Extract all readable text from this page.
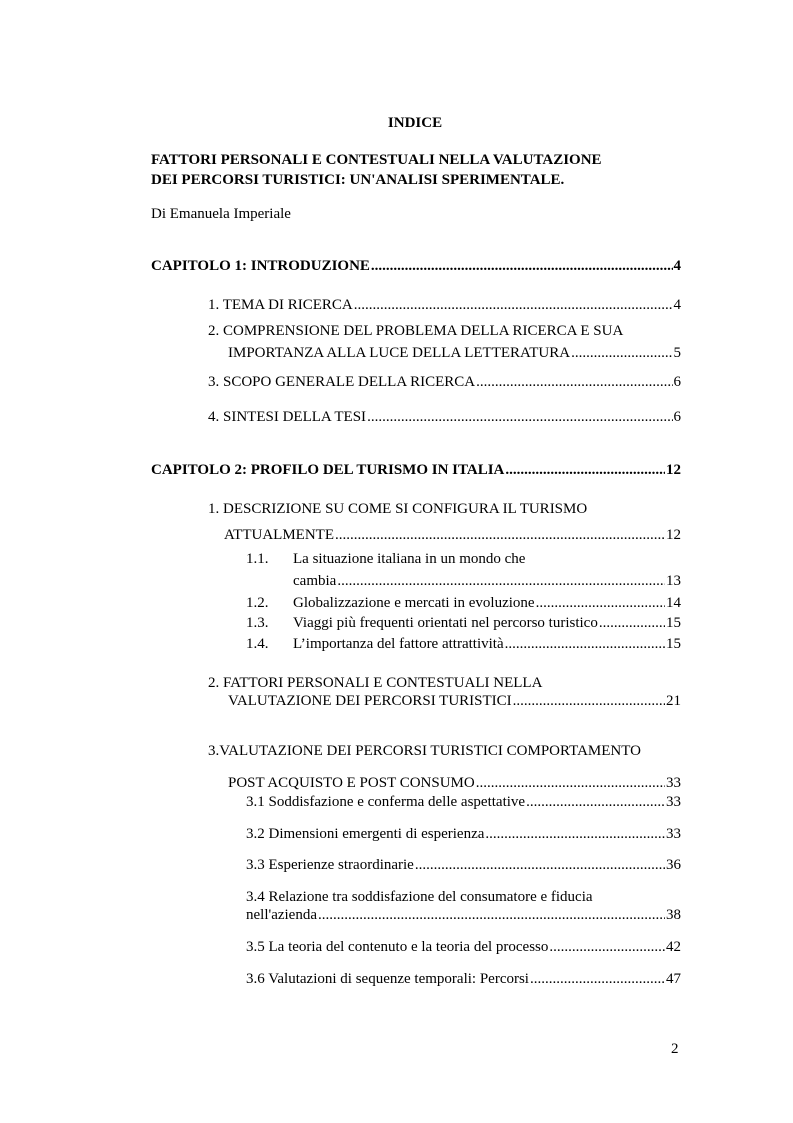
INDICE
FATTORI PERSONALI E CONTESTUALI NELLA VALUTAZIONE
DEI PERCORSI TURISTICI: UN'ANALISI SPERIMENTALE.
Di Emanuela Imperiale
CAPITOLO 1: INTRODUZIONE .....	4
1. TEMA DI RICERCA .....	4
2. COMPRENSIONE DEL PROBLEMA DELLA RICERCA E SUA
IMPORTANZA ALLA LUCE DELLA LETTERATURA .....	5
3. SCOPO GENERALE DELLA RICERCA .....	6
4. SINTESI DELLA TESI .....	6
CAPITOLO 2: PROFILO DEL TURISMO IN ITALIA .....	12
1. DESCRIZIONE SU COME SI CONFIGURA IL TURISMO
ATTUALMENTE .....	12
1.1. La situazione italiana in un mondo che
cambia .....	13
1.2. Globalizzazione e mercati in evoluzione .....	14
1.3. Viaggi più frequenti orientati nel percorso turistico .....	15
1.4. L’importanza del fattore attrattività .....	15
2. FATTORI PERSONALI E CONTESTUALI NELLA
VALUTAZIONE DEI PERCORSI TURISTICI .....	21
3.VALUTAZIONE DEI PERCORSI TURISTICI COMPORTAMENTO
POST ACQUISTO E POST CONSUMO .....	33
3.1 Soddisfazione e conferma delle aspettative .....	33
3.2 Dimensioni emergenti di esperienza .....	33
3.3 Esperienze straordinarie .....	36
3.4 Relazione tra soddisfazione del consumatore e fiducia
nell'azienda .....	38
3.5 La teoria del contenuto e la teoria del processo .....	42
3.6 Valutazioni di sequenze temporali: Percorsi .....	47
2
